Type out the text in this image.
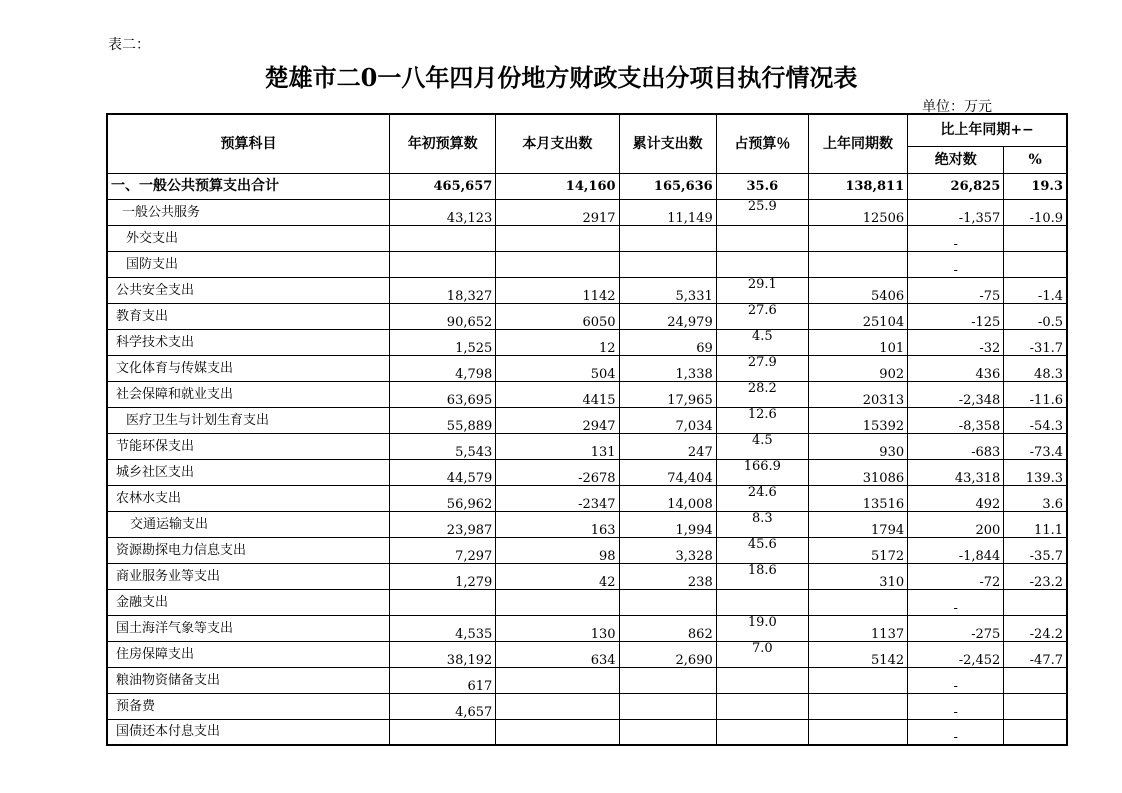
表二：
楚雄市二0一八年四月份地方财政支出分项目执行情况表
单位：万元
预算科目	年初预算数	本月支出数	累计支出数	占预算％	上年同期数	比上年同期+−	
						绝对数	%
一、一般公共预算支出合计	465,657	14,160	165,636	35.6	138,811	26,825	19.3
一般公共服务	43,123	2917	11,149	25.9	12506	-1,357	-10.9
外交支出						-	
国防支出						-	
公共安全支出	18,327	1142	5,331	29.1	5406	-75	-1.4
教育支出	90,652	6050	24,979	27.6	25104	-125	-0.5
科学技术支出	1,525	12	69	4.5	101	-32	-31.7
文化体育与传媒支出	4,798	504	1,338	27.9	902	436	48.3
社会保障和就业支出	63,695	4415	17,965	28.2	20313	-2,348	-11.6
医疗卫生与计划生育支出	55,889	2947	7,034	12.6	15392	-8,358	-54.3
节能环保支出	5,543	131	247	4.5	930	-683	-73.4
城乡社区支出	44,579	-2678	74,404	166.9	31086	43,318	139.3
农林水支出	56,962	-2347	14,008	24.6	13516	492	3.6
交通运输支出	23,987	163	1,994	8.3	1794	200	11.1
资源勘探电力信息支出	7,297	98	3,328	45.6	5172	-1,844	-35.7
商业服务业等支出	1,279	42	238	18.6	310	-72	-23.2
金融支出						-	
国土海洋气象等支出	4,535	130	862	19.0	1137	-275	-24.2
住房保障支出	38,192	634	2,690	7.0	5142	-2,452	-47.7
粮油物资储备支出	617					-	
预备费	4,657					-	
国债还本付息支出						-	
